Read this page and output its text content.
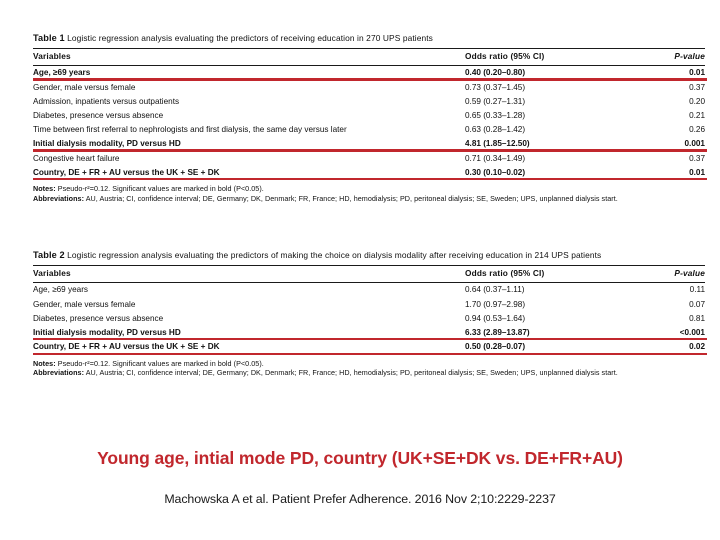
Table 1 Logistic regression analysis evaluating the predictors of receiving education in 270 UPS patients
Variables	Odds ratio (95% CI)	P-value
Age, ≥69 years	0.40 (0.20–0.80)	0.01
Gender, male versus female	0.73 (0.37–1.45)	0.37
Admission, inpatients versus outpatients	0.59 (0.27–1.31)	0.20
Diabetes, presence versus absence	0.65 (0.33–1.28)	0.21
Time between first referral to nephrologists and first dialysis, the same day versus later	0.63 (0.28–1.42)	0.26
Initial dialysis modality, PD versus HD	4.81 (1.85–12.50)	0.001
Congestive heart failure	0.71 (0.34–1.49)	0.37
Country, DE + FR + AU versus the UK + SE + DK	0.30 (0.10–0.02)	0.01
Notes: Pseudo-r²=0.12. Significant values are marked in bold (P<0.05).
Abbreviations: AU, Austria; CI, confidence interval; DE, Germany; DK, Denmark; FR, France; HD, hemodialysis; PD, peritoneal dialysis; SE, Sweden; UPS, unplanned dialysis start.
Table 2 Logistic regression analysis evaluating the predictors of making the choice on dialysis modality after receiving education in 214 UPS patients
Variables	Odds ratio (95% CI)	P-value
Age, ≥69 years	0.64 (0.37–1.11)	0.11
Gender, male versus female	1.70 (0.97–2.98)	0.07
Diabetes, presence versus absence	0.94 (0.53–1.64)	0.81
Initial dialysis modality, PD versus HD	6.33 (2.89–13.87)	<0.001
Country, DE + FR + AU versus the UK + SE + DK	0.50 (0.28–0.07)	0.02
Notes: Pseudo-r²=0.12. Significant values are marked in bold (P<0.05).
Abbreviations: AU, Austria; CI, confidence interval; DE, Germany; DK, Denmark; FR, France; HD, hemodialysis; PD, peritoneal dialysis; SE, Sweden; UPS, unplanned dialysis start.
Young age, intial mode PD, country (UK+SE+DK vs. DE+FR+AU)
Machowska A et al. Patient Prefer Adherence. 2016 Nov 2;10:2229-2237
